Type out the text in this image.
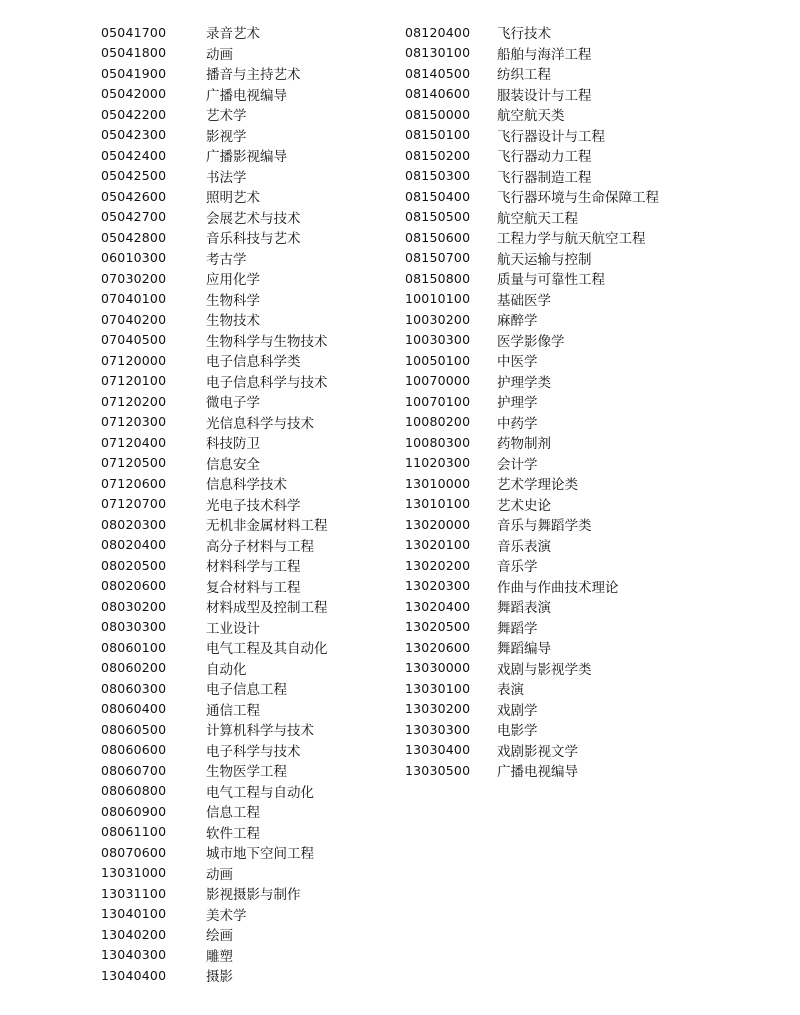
05041700	录音艺术
05041800	动画
05041900	播音与主持艺术
05042000	广播电视编导
05042200	艺术学
05042300	影视学
05042400	广播影视编导
05042500	书法学
05042600	照明艺术
05042700	会展艺术与技术
05042800	音乐科技与艺术
06010300	考古学
07030200	应用化学
07040100	生物科学
07040200	生物技术
07040500	生物科学与生物技术
07120000	电子信息科学类
07120100	电子信息科学与技术
07120200	微电子学
07120300	光信息科学与技术
07120400	科技防卫
07120500	信息安全
07120600	信息科学技术
07120700	光电子技术科学
08020300	无机非金属材料工程
08020400	高分子材料与工程
08020500	材料科学与工程
08020600	复合材料与工程
08030200	材料成型及控制工程
08030300	工业设计
08060100	电气工程及其自动化
08060200	自动化
08060300	电子信息工程
08060400	通信工程
08060500	计算机科学与技术
08060600	电子科学与技术
08060700	生物医学工程
08060800	电气工程与自动化
08060900	信息工程
08061100	软件工程
08070600	城市地下空间工程
13031000	动画
13031100	影视摄影与制作
13040100	美术学
13040200	绘画
13040300	雕塑
13040400	摄影
08120400	飞行技术
08130100	船舶与海洋工程
08140500	纺织工程
08140600	服装设计与工程
08150000	航空航天类
08150100	飞行器设计与工程
08150200	飞行器动力工程
08150300	飞行器制造工程
08150400	飞行器环境与生命保障工程
08150500	航空航天工程
08150600	工程力学与航天航空工程
08150700	航天运输与控制
08150800	质量与可靠性工程
10010100	基础医学
10030200	麻醉学
10030300	医学影像学
10050100	中医学
10070000	护理学类
10070100	护理学
10080200	中药学
10080300	药物制剂
11020300	会计学
13010000	艺术学理论类
13010100	艺术史论
13020000	音乐与舞蹈学类
13020100	音乐表演
13020200	音乐学
13020300	作曲与作曲技术理论
13020400	舞蹈表演
13020500	舞蹈学
13020600	舞蹈编导
13030000	戏剧与影视学类
13030100	表演
13030200	戏剧学
13030300	电影学
13030400	戏剧影视文学
13030500	广播电视编导
